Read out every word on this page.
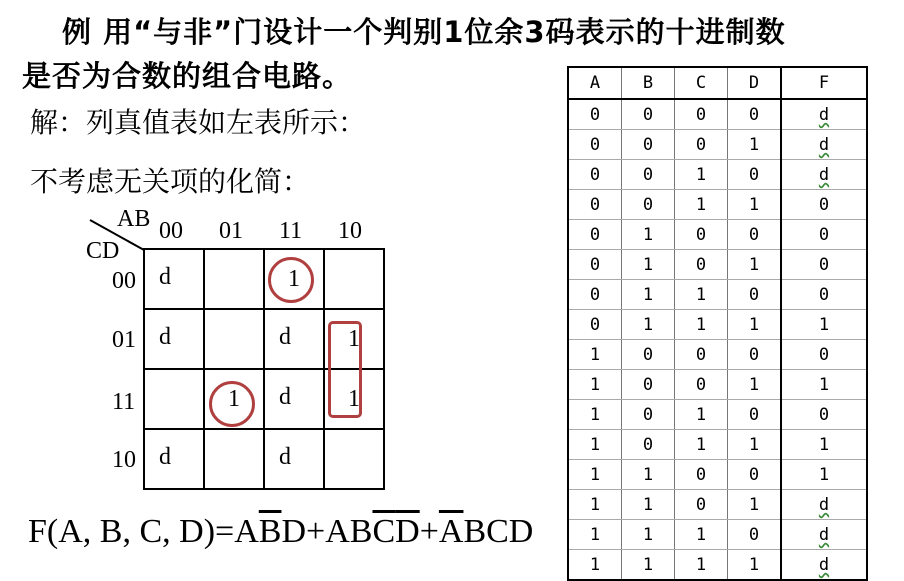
例 用“与非”门设计一个判别1位余3码表示的十进制数
是否为合数的组合电路。
解：列真值表如左表所示：
不考虑无关项的化简：
AB
CD
00 01 11 10
00
01
11
10
d		1	

d		d	1

	1	d	1

d		d	

F(A, B, C, $D)=A\overline{B}D+AB\overline{C}\overline{D}+\overline{A}BCD$
A	B	C	D	F
0	0	0	0	d
0	0	0	1	d
0	0	1	0	d
0	0	1	1	0
0	1	0	0	0
0	1	0	1	0
0	1	1	0	0
0	1	1	1	1
1	0	0	0	0
1	0	0	1	1
1	0	1	0	0
1	0	1	1	1
1	1	0	0	1
1	1	0	1	d
1	1	1	0	d
1	1	1	1	d
